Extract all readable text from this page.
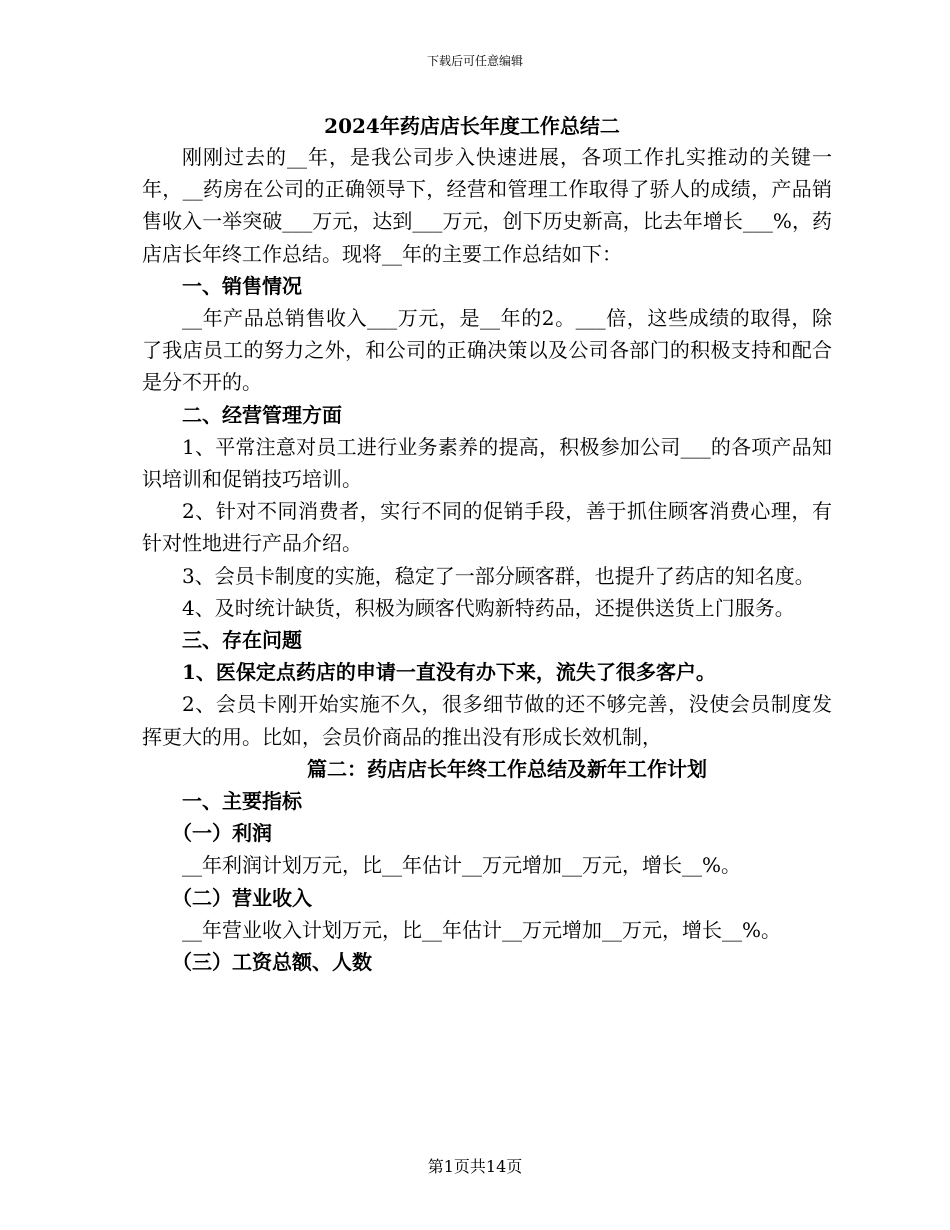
下载后可任意编辑
2024年药店店长年度工作总结二

刚刚过去的__年，是我公司步入快速进展，各项工作扎实推动的关键一年，__药房在公司的正确领导下，经营和管理工作取得了骄人的成绩，产品销售收入一举突破___万元，达到___万元，创下历史新高，比去年增长___%，药店店长年终工作总结。现将__年的主要工作总结如下：

一、销售情况

__年产品总销售收入___万元，是__年的2。___倍，这些成绩的取得，除了我店员工的努力之外，和公司的正确决策以及公司各部门的积极支持和配合是分不开的。

二、经营管理方面

1、平常注意对员工进行业务素养的提高，积极参加公司___的各项产品知识培训和促销技巧培训。

2、针对不同消费者，实行不同的促销手段，善于抓住顾客消费心理，有针对性地进行产品介绍。

3、会员卡制度的实施，稳定了一部分顾客群，也提升了药店的知名度。

4、及时统计缺货，积极为顾客代购新特药品，还提供送货上门服务。

三、存在问题

1、医保定点药店的申请一直没有办下来，流失了很多客户。

2、会员卡刚开始实施不久，很多细节做的还不够完善，没使会员制度发挥更大的用。比如，会员价商品的推出没有形成长效机制，

篇二：药店店长年终工作总结及新年工作计划

一、主要指标

（一）利润

__年利润计划万元，比__年估计__万元增加__万元，增长__%。

（二）营业收入

__年营业收入计划万元，比__年估计__万元增加__万元，增长__%。

（三）工资总额、人数

第1页共14页
